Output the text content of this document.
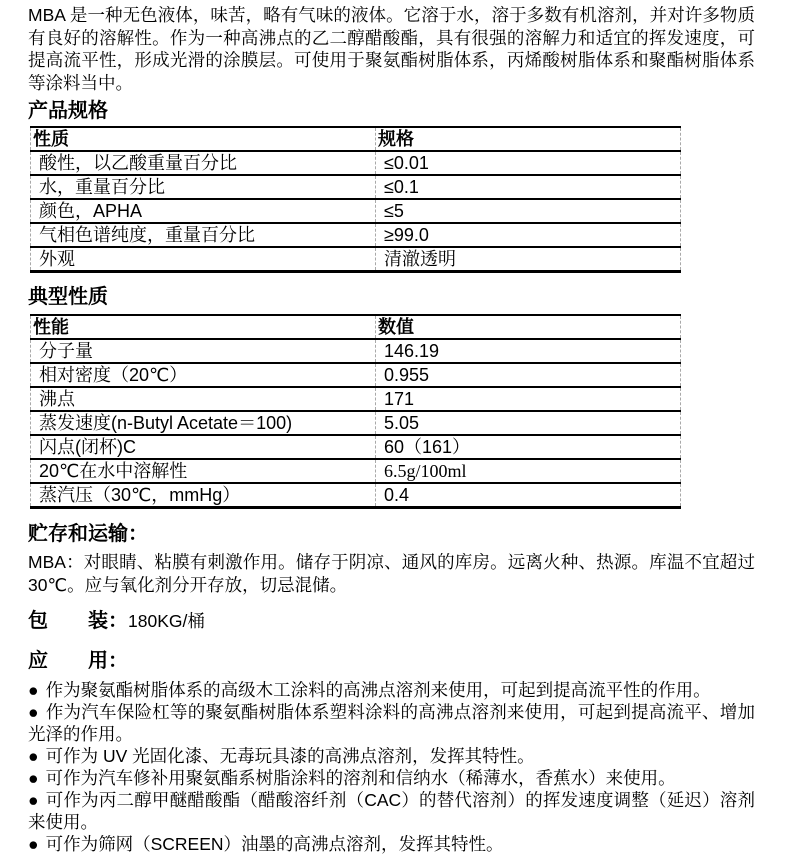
MBA 是一种无色液体，味苦，略有气味的液体。它溶于水，溶于多数有机溶剂，并对许多物质有良好的溶解性。作为一种高沸点的乙二醇醋酸酯，具有很强的溶解力和适宜的挥发速度，可提高流平性，形成光滑的涂膜层。可使用于聚氨酯树脂体系，丙烯酸树脂体系和聚酯树脂体系等涂料当中。

产品规格
性质	规格
酸性，以乙酸重量百分比	≤0.01
水，重量百分比	≤0.1
颜色，APHA	≤5
气相色谱纯度，重量百分比	≥99.0
外观	清澈透明
典型性质
性能	数值
分子量	146.19
相对密度（20℃）	0.955
沸点	171
蒸发速度(n-Butyl Acetate＝100)	5.05
闪点(闭杯)C	60（161）
20℃在水中溶解性	6.5g/100ml
蒸汽压（30℃，mmHg）	0.4
贮存和运输：

MBA：对眼睛、粘膜有刺激作用。储存于阴凉、通风的库房。远离火种、热源。库温不宜超过 30℃。应与氧化剂分开存放，切忌混储。

包　　装：180KG/桶

应　　用：

● 作为聚氨酯树脂体系的高级木工涂料的高沸点溶剂来使用，可起到提高流平性的作用。

● 作为汽车保险杠等的聚氨酯树脂体系塑料涂料的高沸点溶剂来使用，可起到提高流平、增加光泽的作用。

● 可作为 UV 光固化漆、无毒玩具漆的高沸点溶剂，发挥其特性。

● 可作为汽车修补用聚氨酯系树脂涂料的溶剂和信纳水（稀薄水，香蕉水）来使用。

● 可作为丙二醇甲醚醋酸酯（醋酸溶纤剂（CAC）的替代溶剂）的挥发速度调整（延迟）溶剂来使用。

● 可作为筛网（SCREEN）油墨的高沸点溶剂，发挥其特性。
